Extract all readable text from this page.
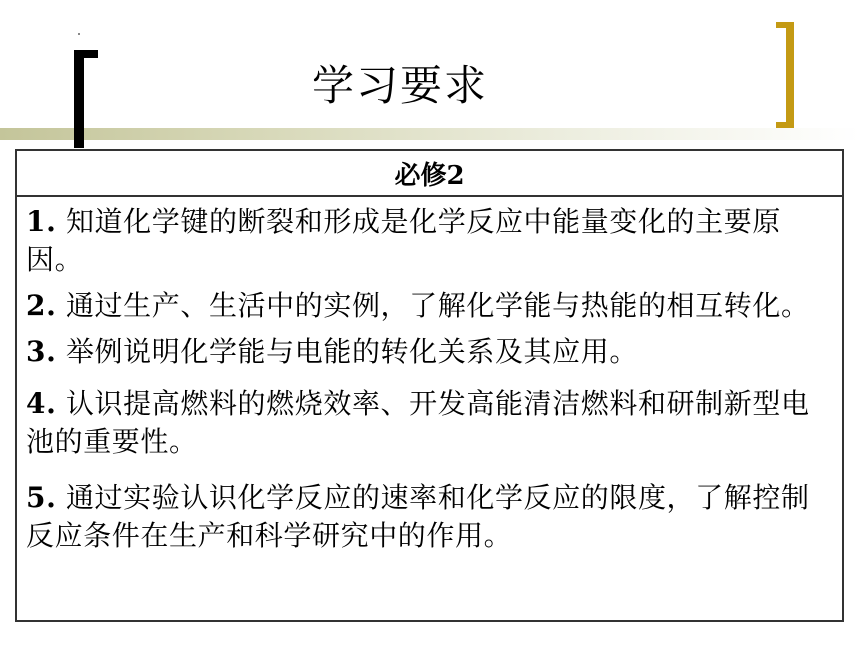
学习要求
必修2

1. 知道化学键的断裂和形成是化学反应中能量变化的主要原因。

2. 通过生产、生活中的实例，了解化学能与热能的相互转化。

3. 举例说明化学能与电能的转化关系及其应用。

4. 认识提高燃料的燃烧效率、开发高能清洁燃料和研制新型电池的重要性。

5. 通过实验认识化学反应的速率和化学反应的限度，了解控制反应条件在生产和科学研究中的作用。
